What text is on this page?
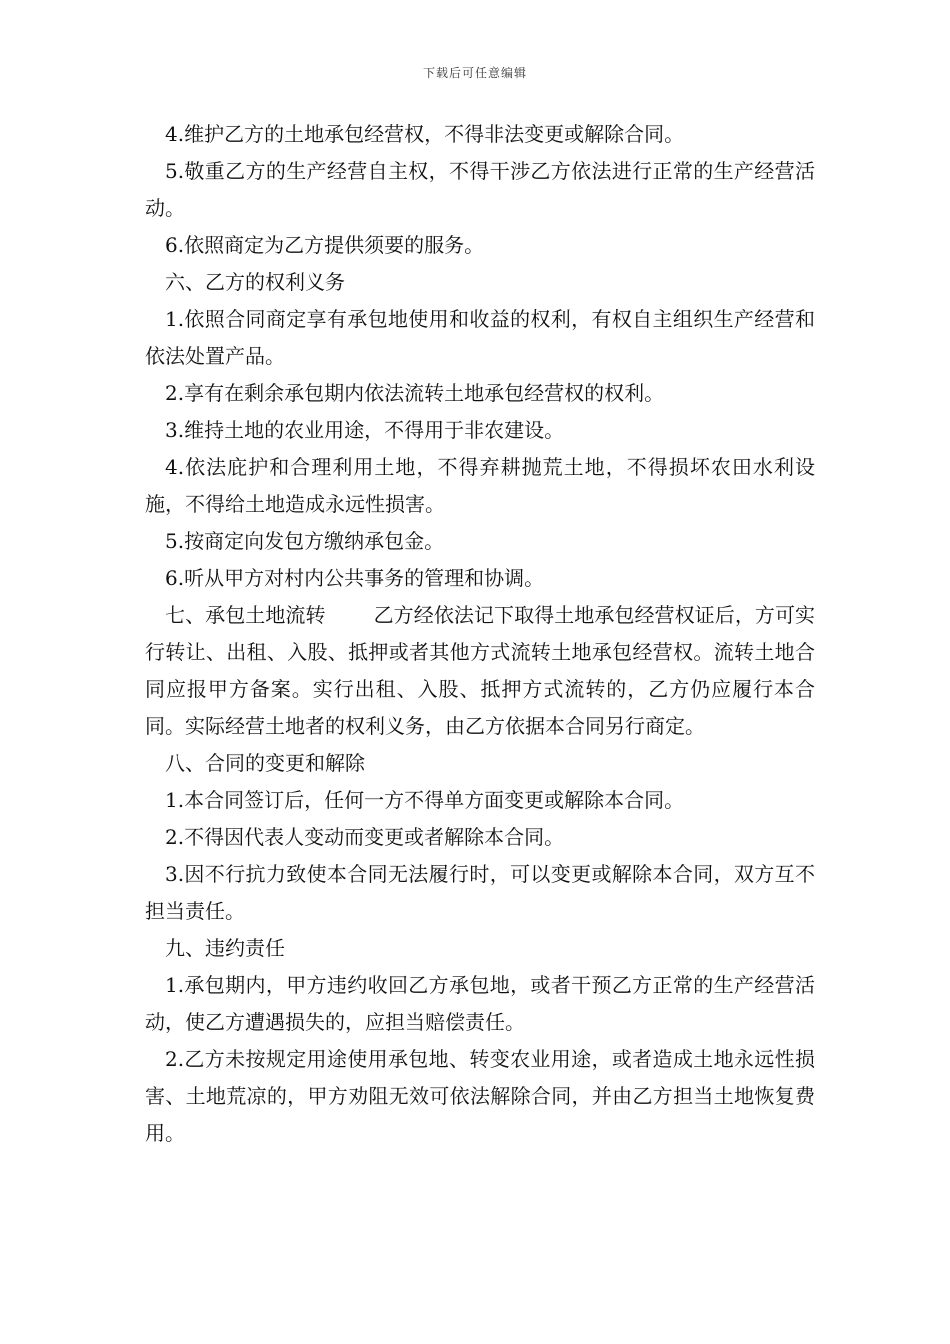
下载后可任意编辑

4.维护乙方的土地承包经营权，不得非法变更或解除合同。

5.敬重乙方的生产经营自主权，不得干涉乙方依法进行正常的生产经营活动。

6.依照商定为乙方提供须要的服务。

六、乙方的权利义务

1.依照合同商定享有承包地使用和收益的权利，有权自主组织生产经营和依法处置产品。

2.享有在剩余承包期内依法流转土地承包经营权的权利。

3.维持土地的农业用途，不得用于非农建设。

4.依法庇护和合理利用土地，不得弃耕抛荒土地，不得损坏农田水利设施，不得给土地造成永远性损害。

5.按商定向发包方缴纳承包金。

6.听从甲方对村内公共事务的管理和协调。

七、承包土地流转 乙方经依法记下取得土地承包经营权证后，方可实行转让、出租、入股、抵押或者其他方式流转土地承包经营权。流转土地合同应报甲方备案。实行出租、入股、抵押方式流转的，乙方仍应履行本合同。实际经营土地者的权利义务，由乙方依据本合同另行商定。

八、合同的变更和解除

1.本合同签订后，任何一方不得单方面变更或解除本合同。

2.不得因代表人变动而变更或者解除本合同。

3.因不行抗力致使本合同无法履行时，可以变更或解除本合同，双方互不担当责任。

九、违约责任

1.承包期内，甲方违约收回乙方承包地，或者干预乙方正常的生产经营活动，使乙方遭遇损失的，应担当赔偿责任。

2.乙方未按规定用途使用承包地、转变农业用途，或者造成土地永远性损害、土地荒凉的，甲方劝阻无效可依法解除合同，并由乙方担当土地恢复费用。
